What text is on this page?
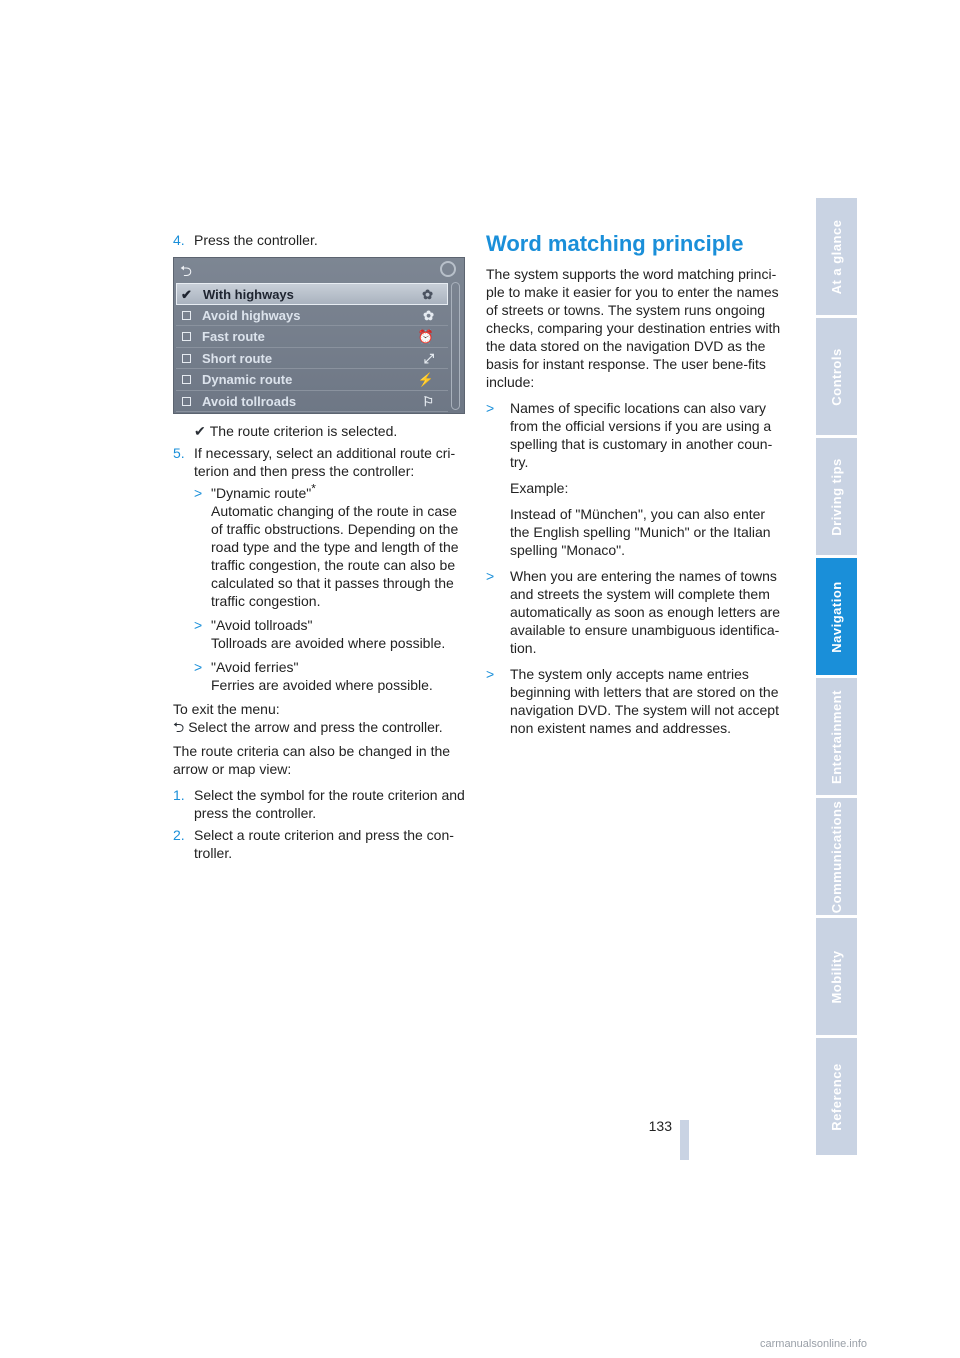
4. Press the controller.
⮌
✔
With highways	✿
Avoid highways	✿
Fast route	⏰
Short route	⤢
Dynamic route	⚡
Avoid tollroads	⚐
✔ The route criterion is selected.
5. If necessary, select an additional route cri-terion and then press the controller:
> "Dynamic route"*
Automatic changing of the route in case of traffic obstructions. Depending on the road type and the type and length of the traffic congestion, the route can also be calculated so that it passes through the traffic congestion.
> "Avoid tollroads"
Tollroads are avoided where possible.
> "Avoid ferries"
Ferries are avoided where possible.
To exit the menu:
⮌ Select the arrow and press the controller.
The route criteria can also be changed in the arrow or map view:
1. Select the symbol for the route criterion and press the controller.
2. Select a route criterion and press the con-troller.
Word matching principle
The system supports the word matching princi-ple to make it easier for you to enter the names of streets or towns. The system runs ongoing checks, comparing your destination entries with the data stored on the navigation DVD as the basis for instant response. The user bene-fits include:
> Names of specific locations can also vary from the official versions if you are using a spelling that is customary in another coun-try.
Example:
Instead of "München", you can also enter the English spelling "Munich" or the Italian spelling "Monaco".
> When you are entering the names of towns and streets the system will complete them automatically as soon as enough letters are available to ensure unambiguous identifica-tion.
> The system only accepts name entries beginning with letters that are stored on the navigation DVD. The system will not accept non existent names and addresses.
At a glance
Controls
Driving tips
Navigation
Entertainment
Communications
Mobility
Reference
133
carmanualsonline.info
